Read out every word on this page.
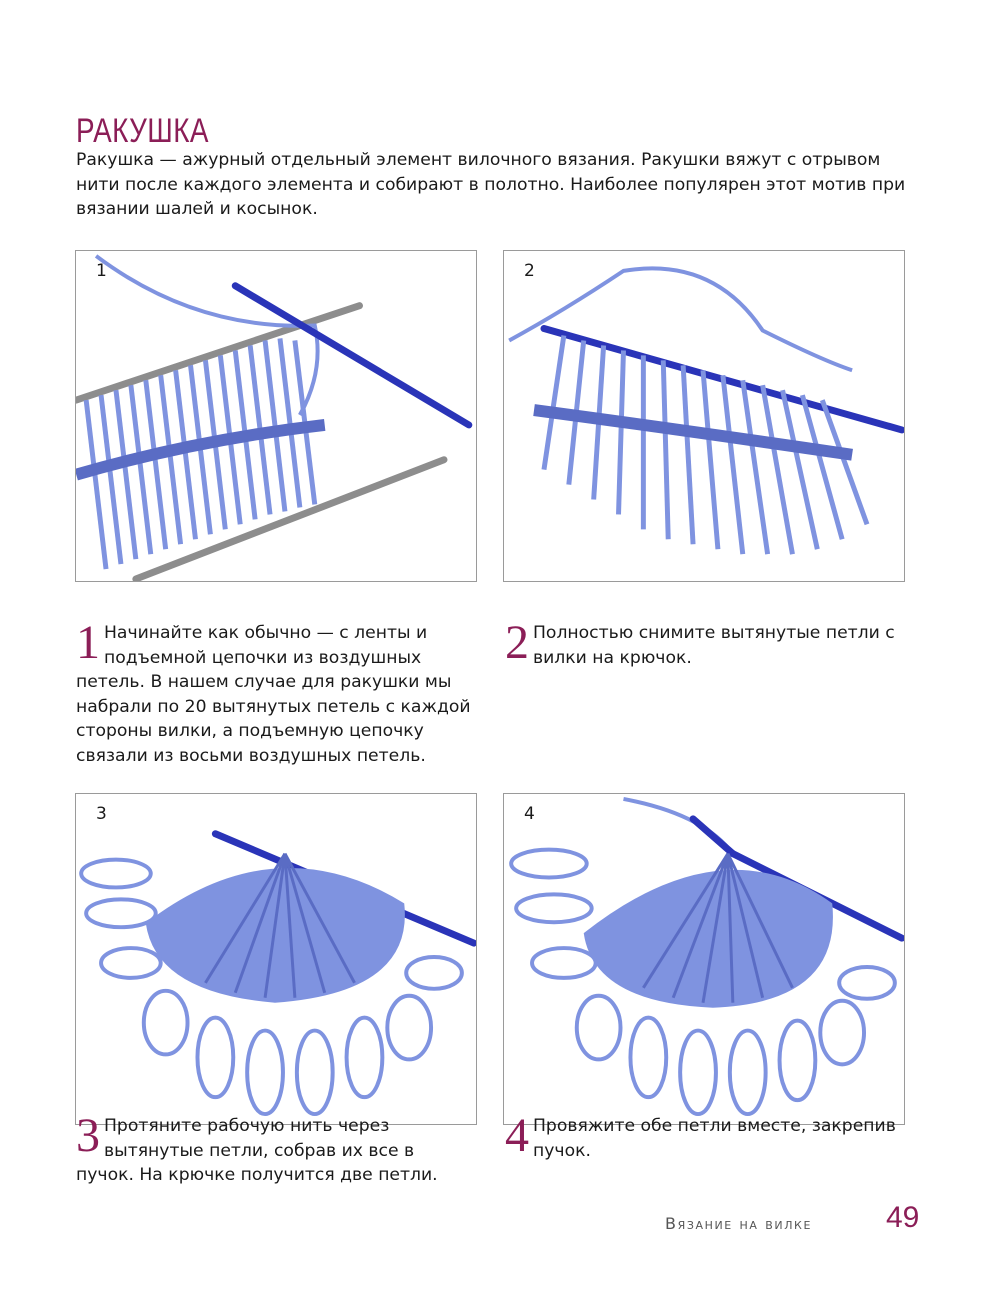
РАКУШКА

Ракушка — ажурный отдельный элемент вилочного вязания. Ракушки вяжут с отрывом нити после каждого элемента и собирают в полотно. Наиболее популярен этот мотив при вязании шалей и косынок.

1	2
3	4
1 Начинайте как обычно — с ленты и подъемной цепочки из воздушных петель. В нашем случае для ракушки мы набрали по 20 вытянутых петель с каждой стороны вилки, а подъемную цепочку связали из восьми воздушных петель.
2 Полностью снимите вытянутые петли с вилки на крючок.
3 Протяните рабочую нить через вытянутые петли, собрав их все в пучок. На крючке получится две петли.
4 Провяжите обе петли вместе, закрепив пучок.
Вязание на вилке 49
